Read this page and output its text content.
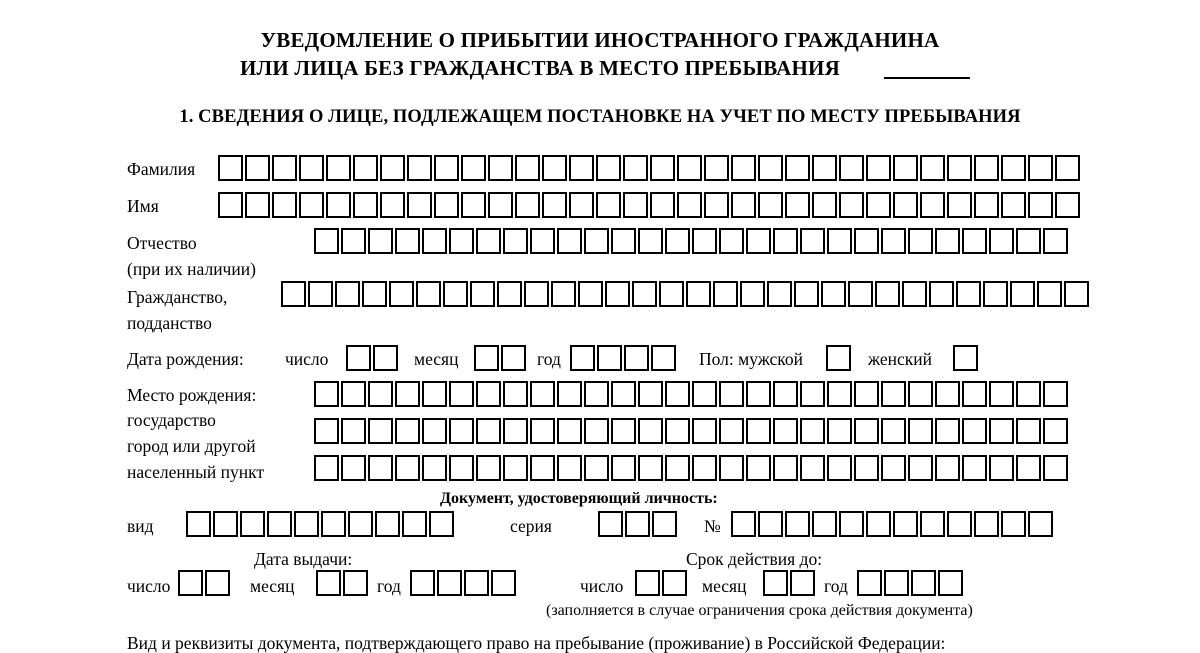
УВЕДОМЛЕНИЕ О ПРИБЫТИИ ИНОСТРАННОГО ГРАЖДАНИНА
ИЛИ ЛИЦА БЕЗ ГРАЖДАНСТВА В МЕСТО ПРЕБЫВАНИЯ
1. СВЕДЕНИЯ О ЛИЦЕ, ПОДЛЕЖАЩЕМ ПОСТАНОВКЕ НА УЧЕТ ПО МЕСТУ ПРЕБЫВАНИЯ
Фамилия
Имя
Отчество
(при их наличии)
Гражданство,
подданство
Дата рождения: число	месяц	год	Пол: мужской	женский
Место рождения:
государство
город или другой
населенный пункт
Документ, удостоверяющий личность:
вид	серия	№
Дата выдачи:	Срок действия до:
число	месяц	год	число	месяц	год
(заполняется в случае ограничения срока действия документа)
Вид и реквизиты документа, подтверждающего право на пребывание (проживание) в Российской Федерации:
